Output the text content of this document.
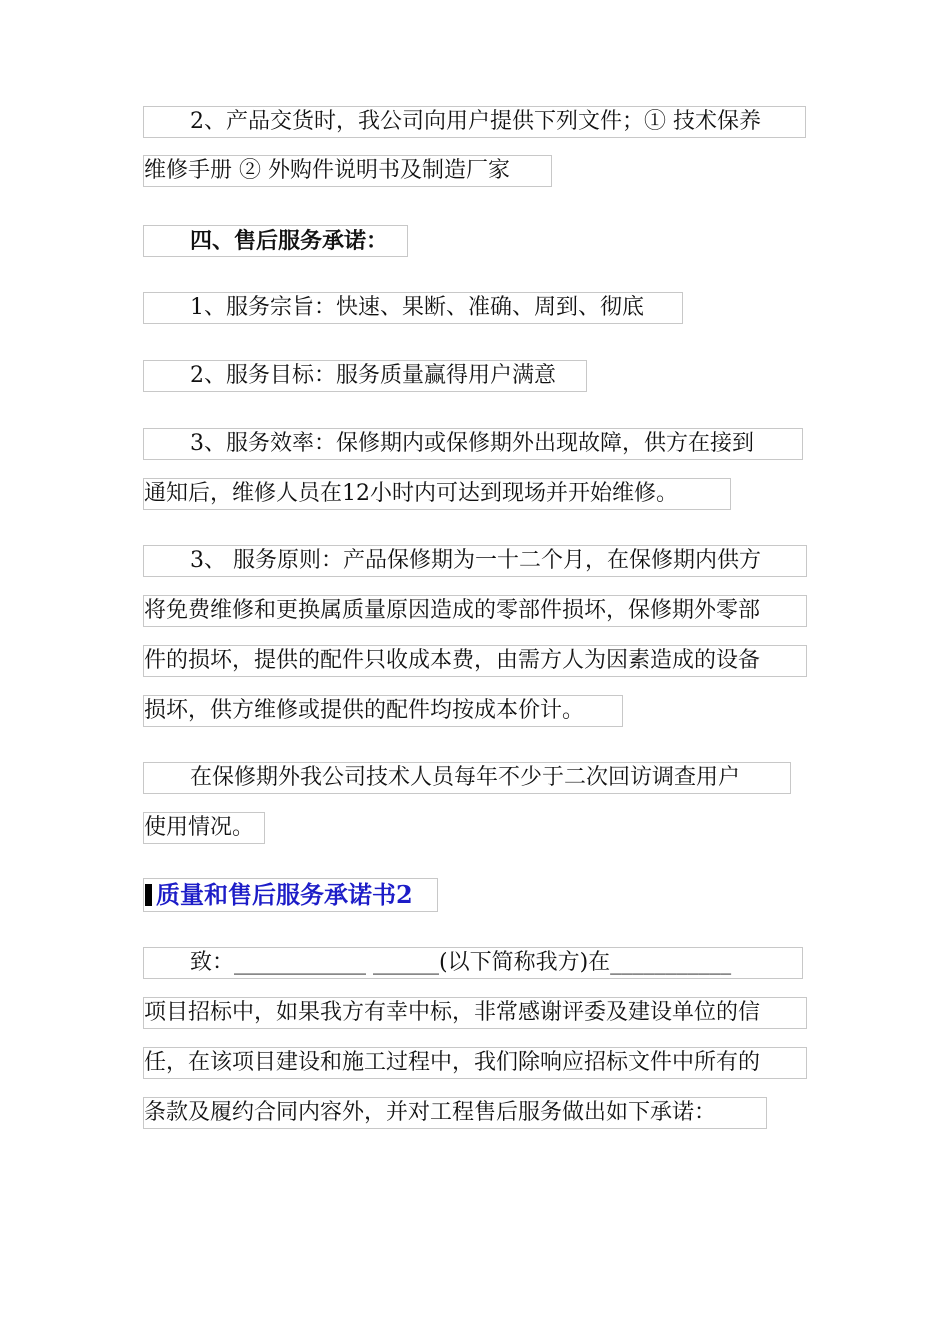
2、产品交货时，我公司向用户提供下列文件；① 技术保养
维修手册 ② 外购件说明书及制造厂家
四、售后服务承诺：
1、服务宗旨：快速、果断、准确、周到、彻底
2、服务目标：服务质量赢得用户满意
3、服务效率：保修期内或保修期外出现故障，供方在接到
通知后，维修人员在12小时内可达到现场并开始维修。
3、 服务原则：产品保修期为一十二个月，在保修期内供方
将免费维修和更换属质量原因造成的零部件损坏，保修期外零部
件的损坏，提供的配件只收成本费，由需方人为因素造成的设备
损坏，供方维修或提供的配件均按成本价计。
在保修期外我公司技术人员每年不少于二次回访调查用户
使用情况。
质量和售后服务承诺书2
致：____________ ______(以下简称我方)在___________
项目招标中，如果我方有幸中标，非常感谢评委及建设单位的信
任，在该项目建设和施工过程中，我们除响应招标文件中所有的
条款及履约合同内容外，并对工程售后服务做出如下承诺：
